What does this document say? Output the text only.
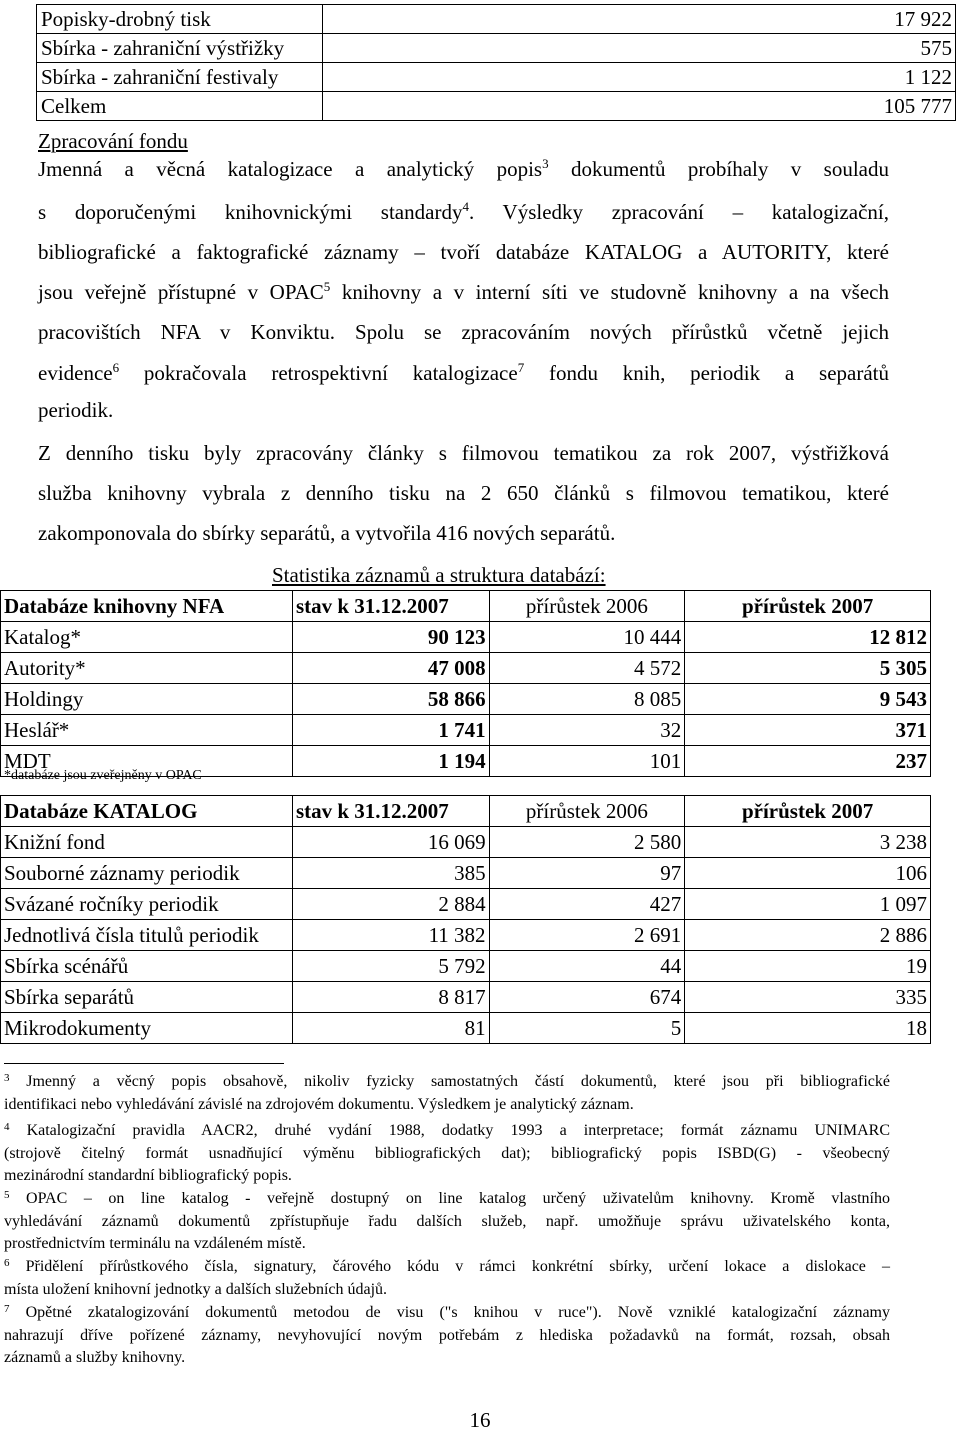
Popisky-drobný tisk	17 922
Sbírka - zahraniční výstřižky	575
Sbírka - zahraniční festivaly	1 122
Celkem	105 777
Zpracování fondu
Jmenná a věcná katalogizace a analytický popis$^3$ dokumentů probíhaly v souladu
s doporučenými knihovnickými standardy$^4$. Výsledky zpracování – katalogizační,
bibliografické a faktografické záznamy – tvoří databáze KATALOG a AUTORITY, které
jsou veřejně přístupné v OPAC$^5$ knihovny a v interní síti ve studovně knihovny a na všech
pracovištích NFA v Konviktu. Spolu se zpracováním nových přírůstků včetně jejich
evidence$^6$ pokračovala retrospektivní katalogizace$^7$ fondu knih, periodik a separátů
periodik.
Z denního tisku byly zpracovány články s filmovou tematikou za rok 2007, výstřižková
služba knihovny vybrala z denního tisku na 2 650 článků s filmovou tematikou, které
zakomponovala do sbírky separátů, a vytvořila 416 nových separátů.
Statistika záznamů a struktura databází:
Databáze knihovny NFA	stav k 31.12.2007	přírůstek 2006	přírůstek 2007
Katalog*	90 123	10 444	12 812
Autority*	47 008	4 572	5 305
Holdingy	58 866	8 085	9 543
Heslář*	1 741	32	371
MDT	1 194	101	237
*databáze jsou zveřejněny v OPAC
Databáze KATALOG	stav k 31.12.2007	přírůstek 2006	přírůstek 2007
Knižní fond	16 069	2 580	3 238
Souborné záznamy periodik	385	97	106
Svázané ročníky periodik	2 884	427	1 097
Jednotlivá čísla titulů periodik	11 382	2 691	2 886
Sbírka scénářů	5 792	44	19
Sbírka separátů	8 817	674	335
Mikrodokumenty	81	5	18
$^3$ Jmenný a věcný popis obsahově, nikoliv fyzicky samostatných částí dokumentů, které jsou při bibliografické
identifikaci nebo vyhledávání závislé na zdrojovém dokumentu. Výsledkem je analytický záznam.
$^4$ Katalogizační pravidla AACR2, druhé vydání 1988, dodatky 1993 a interpretace; formát záznamu UNIMARC
(strojově čitelný formát usnadňující výměnu bibliografických dat); bibliografický popis ISBD(G) - všeobecný
mezinárodní standardní bibliografický popis.
$^5$ OPAC – on line katalog - veřejně dostupný on line katalog určený uživatelům knihovny. Kromě vlastního
vyhledávání záznamů dokumentů zpřístupňuje řadu dalších služeb, např. umožňuje správu uživatelského konta,
prostřednictvím terminálu na vzdáleném místě.
$^6$ Přidělení přírůstkového čísla, signatury, čárového kódu v rámci konkrétní sbírky, určení lokace a dislokace –
místa uložení knihovní jednotky a dalších služebních údajů.
$^7$ Opětné zkatalogizování dokumentů metodou de visu ("s knihou v ruce"). Nově vzniklé katalogizační záznamy
nahrazují dříve pořízené záznamy, nevyhovující novým potřebám z hlediska požadavků na formát, rozsah, obsah
záznamů a služby knihovny.
16
